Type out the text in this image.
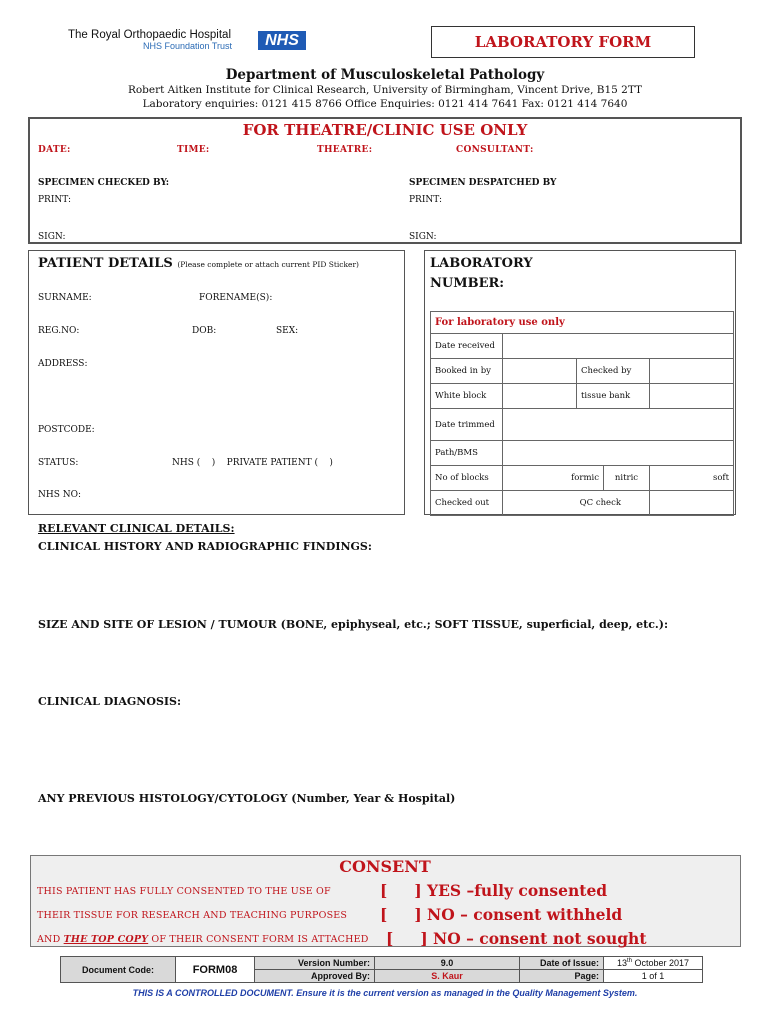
The Royal Orthopaedic Hospital
NHS Foundation Trust	NHS	LABORATORY FORM
Department of Musculoskeletal Pathology
Robert Aitken Institute for Clinical Research, University of Birmingham, Vincent Drive, B15 2TT
Laboratory enquiries: 0121 415 8766 Office Enquiries: 0121 414 7641 Fax: 0121 414 7640
FOR THEATRE/CLINIC USE ONLY
DATE:	TIME:	THEATRE:	CONSULTANT:
SPECIMEN CHECKED BY:	SPECIMEN DESPATCHED BY
PRINT:	PRINT:
SIGN:	SIGN:
PATIENT DETAILS (Please complete or attach current PID Sticker)
SURNAME:	FORENAME(S):
REG.NO:	DOB:	SEX:
ADDRESS:
POSTCODE:
STATUS:	NHS (    )    PRIVATE PATIENT (    )
NHS NO:
LABORATORY
NUMBER:
For laboratory use only				
Date received				
Booked in by		Checked by		
White block		tissue bank		
Date trimmed				
Path/BMS				
No of blocks	formic		nitric	soft
Checked out	QC check			
RELEVANT CLINICAL DETAILS:
CLINICAL HISTORY AND RADIOGRAPHIC FINDINGS:
SIZE AND SITE OF LESION / TUMOUR (BONE, epiphyseal, etc.; SOFT TISSUE, superficial, deep, etc.):
CLINICAL DIAGNOSIS:
ANY PREVIOUS HISTOLOGY/CYTOLOGY (Number, Year & Hospital)
CONSENT
THIS PATIENT HAS FULLY CONSENTED TO THE USE OF
THEIR TISSUE FOR RESEARCH AND TEACHING PURPOSES
AND THE TOP COPY OF THEIR CONSENT FORM IS ATTACHED
[     ] YES –fully consented
[     ] NO – consent withheld
[     ] NO – consent not sought
Document Code:	FORM08	Version Number:	9.0	Date of Issue:	13th October 2017
		Approved By:	S. Kaur	Page:	1 of 1
THIS IS A CONTROLLED DOCUMENT. Ensure it is the current version as managed in the Quality Management System.
